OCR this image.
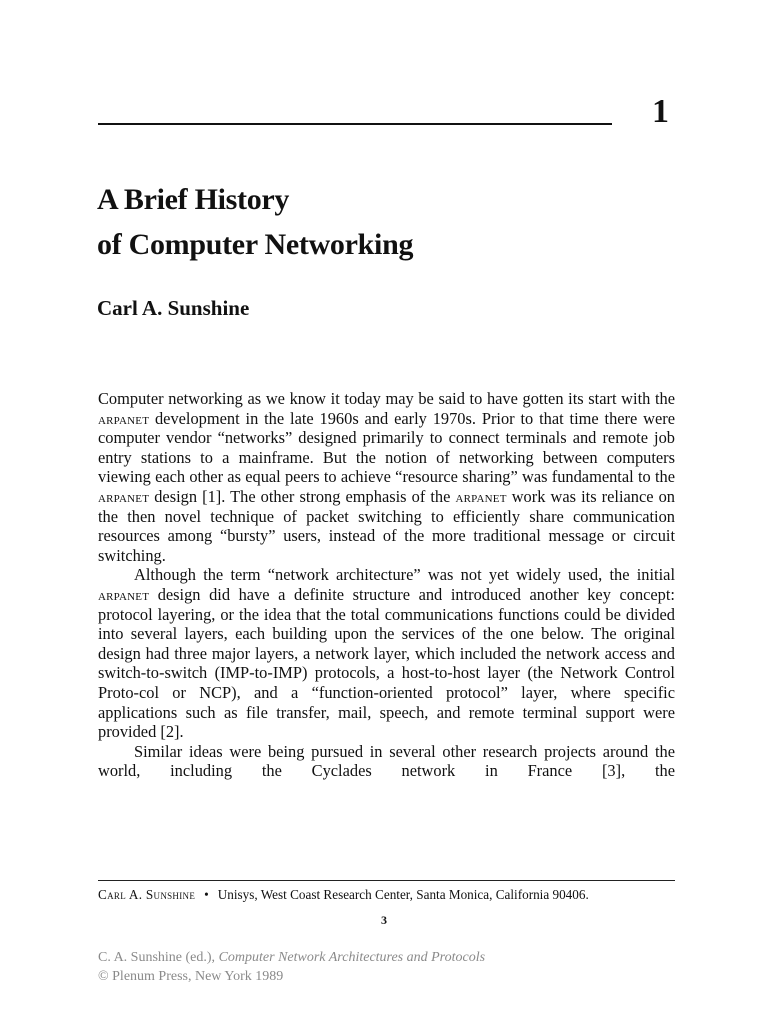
1
A Brief History
of Computer Networking
Carl A. Sunshine

Computer networking as we know it today may be said to have gotten its start with the arpanet development in the late 1960s and early 1970s. Prior to that time there were computer vendor “networks” designed primarily to connect terminals and remote job entry stations to a mainframe. But the notion of networking between computers viewing each other as equal peers to achieve “resource sharing” was fundamental to the arpanet design [1]. The other strong emphasis of the arpanet work was its reliance on the then novel technique of packet switching to efficiently share communication resources among “bursty” users, instead of the more traditional message or circuit switching.

Although the term “network architecture” was not yet widely used, the initial arpanet design did have a definite structure and introduced another key concept: protocol layering, or the idea that the total communications functions could be divided into several layers, each building upon the services of the one below. The original design had three major layers, a network layer, which included the network access and switch-to-switch (IMP-to-IMP) protocols, a host-to-host layer (the Network Control Proto-col or NCP), and a “function-oriented protocol” layer, where specific applications such as file transfer, mail, speech, and remote terminal support were provided [2].

Similar ideas were being pursued in several other research projects around the world, including the Cyclades network in France [3], the

Carl A. Sunshine • Unisys, West Coast Research Center, Santa Monica, California 90406.
3
C. A. Sunshine (ed.), Computer Network Architectures and Protocols
© Plenum Press, New York 1989
